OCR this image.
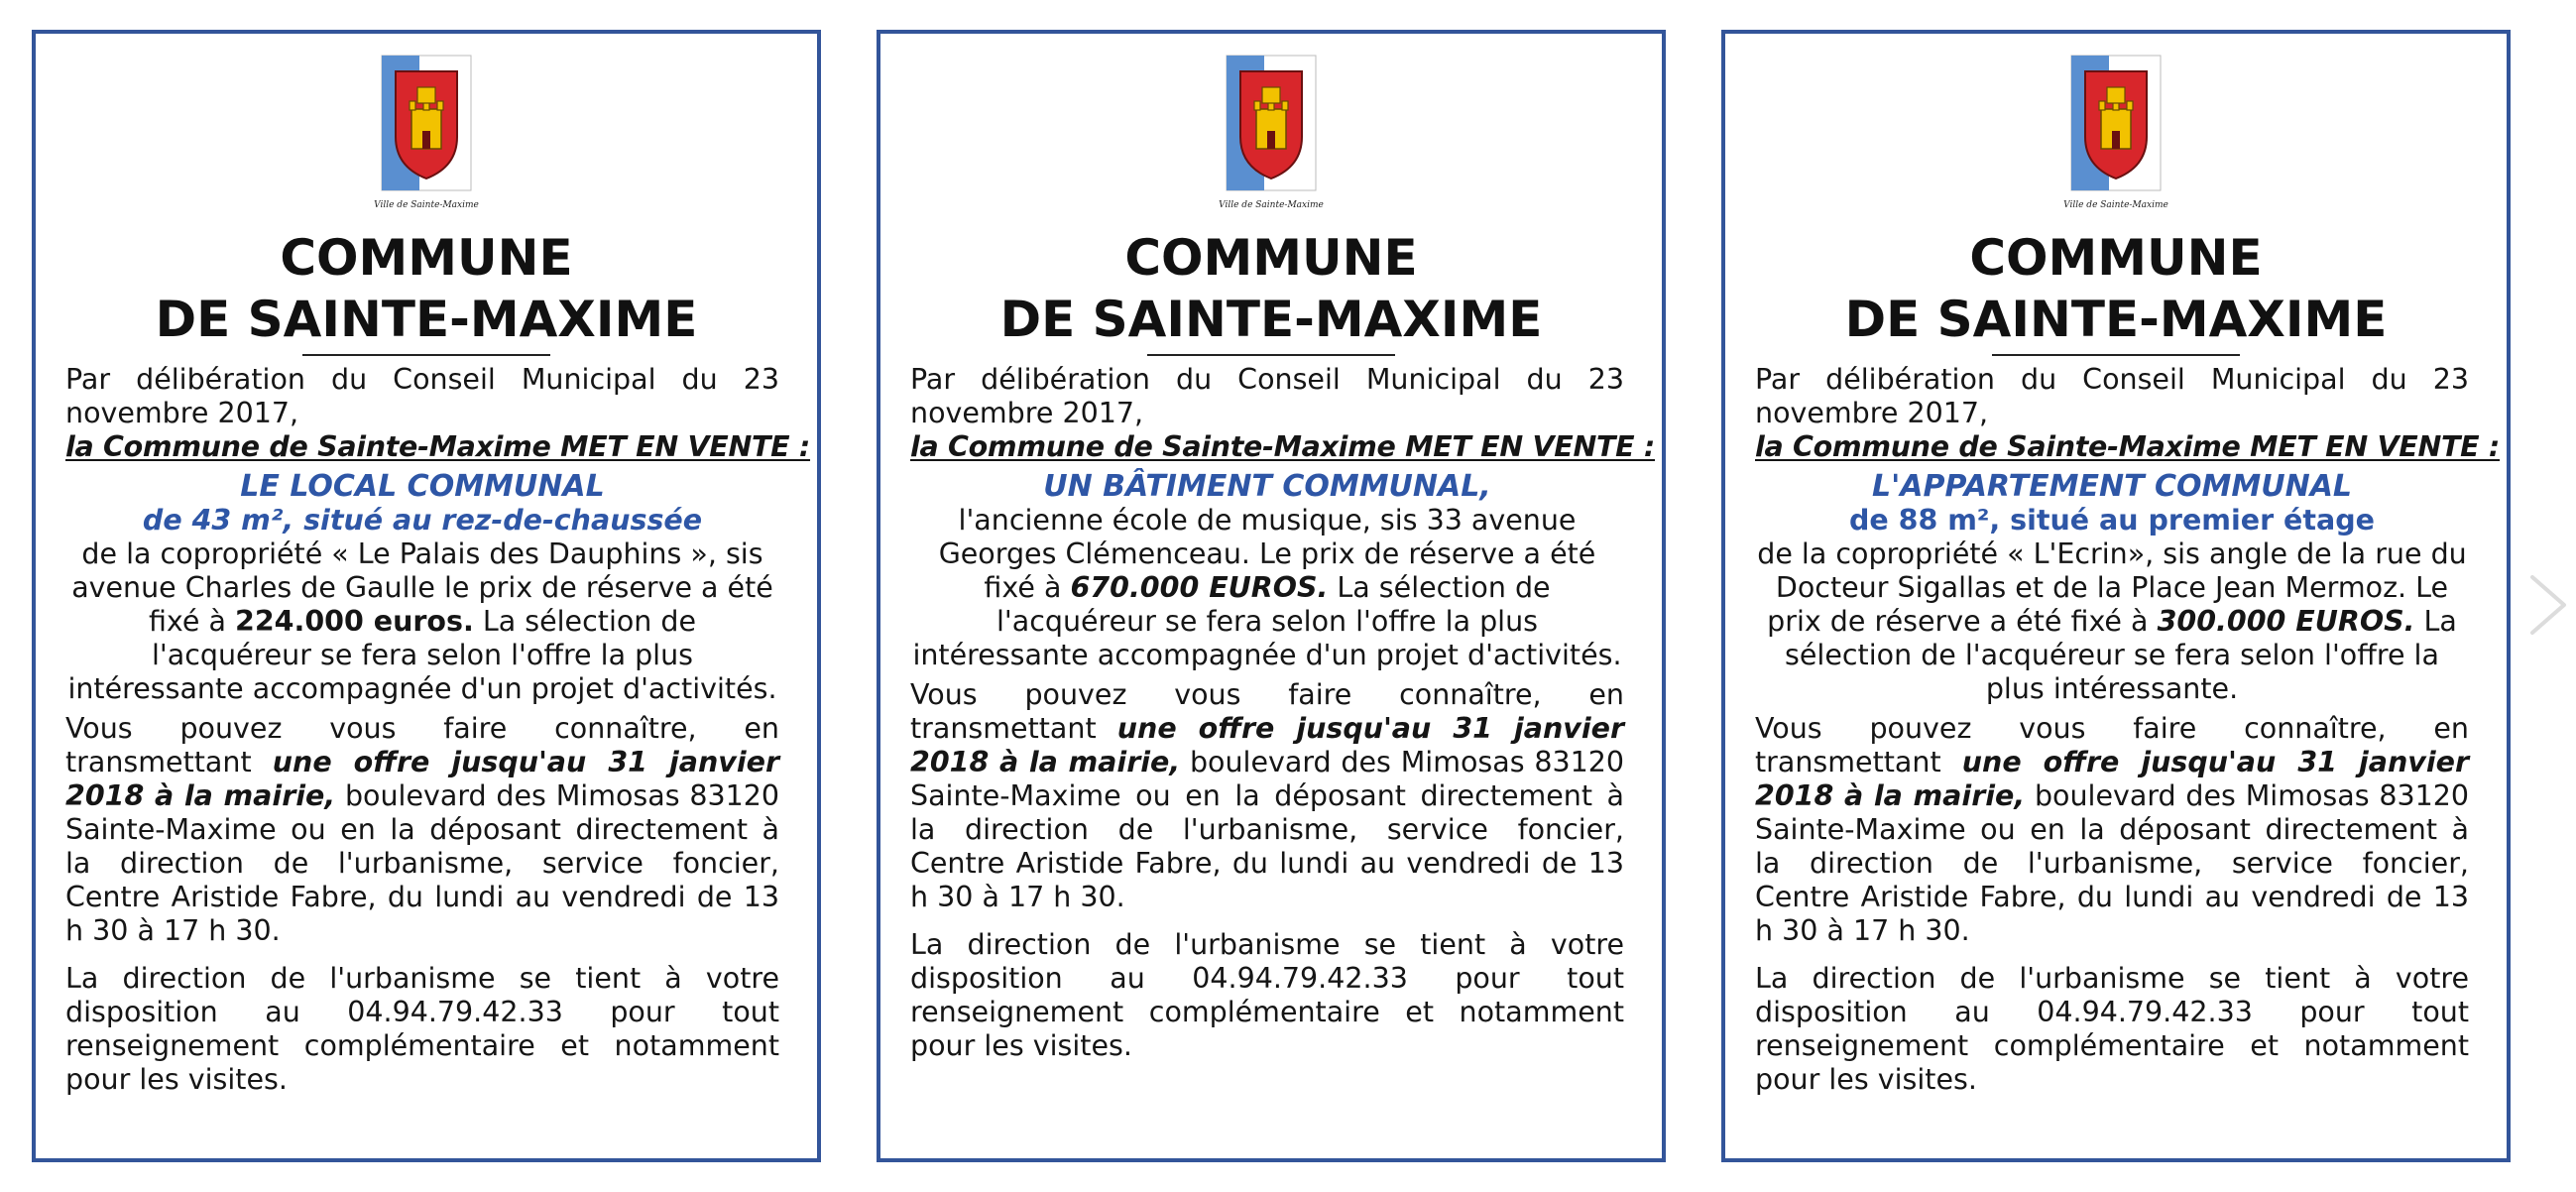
Ville de Sainte-Maxime
COMMUNE
DE SAINTE-MAXIME

Par délibération du Conseil Municipal du 23 novembre 2017,

la Commune de Sainte-Maxime MET EN VENTE :

LE LOCAL COMMUNAL

de 43 m², situé au rez-de-chaussée

de la copropriété « Le Palais des Dauphins », sis avenue Charles de Gaulle le prix de réserve a été fixé à 224.000 euros. La sélection de l'acquéreur se fera selon l'offre la plus intéressante accompagnée d'un projet d'activités.

Vous pouvez vous faire connaître, en transmettant une offre jusqu'au 31 janvier 2018 à la mairie, boulevard des Mimosas 83120 Sainte-Maxime ou en la déposant directement à la direction de l'urbanisme, service foncier, Centre Aristide Fabre, du lundi au vendredi de 13 h 30 à 17 h 30.

La direction de l'urbanisme se tient à votre disposition au 04.94.79.42.33 pour tout renseignement complémentaire et notamment pour les visites.

Ville de Sainte-Maxime
COMMUNE
DE SAINTE-MAXIME

Par délibération du Conseil Municipal du 23 novembre 2017,

la Commune de Sainte-Maxime MET EN VENTE :

UN BÂTIMENT COMMUNAL,

l'ancienne école de musique, sis 33 avenue Georges Clémenceau. Le prix de réserve a été fixé à 670.000 EUROS. La sélection de l'acquéreur se fera selon l'offre la plus intéressante accompagnée d'un projet d'activités.

Vous pouvez vous faire connaître, en transmettant une offre jusqu'au 31 janvier 2018 à la mairie, boulevard des Mimosas 83120 Sainte-Maxime ou en la déposant directement à la direction de l'urbanisme, service foncier, Centre Aristide Fabre, du lundi au vendredi de 13 h 30 à 17 h 30.

La direction de l'urbanisme se tient à votre disposition au 04.94.79.42.33 pour tout renseignement complémentaire et notamment pour les visites.

Ville de Sainte-Maxime
COMMUNE
DE SAINTE-MAXIME

Par délibération du Conseil Municipal du 23 novembre 2017,

la Commune de Sainte-Maxime MET EN VENTE :

L'APPARTEMENT COMMUNAL

de 88 m², situé au premier étage

de la copropriété « L'Ecrin», sis angle de la rue du Docteur Sigallas et de la Place Jean Mermoz. Le prix de réserve a été fixé à 300.000 EUROS. La sélection de l'acquéreur se fera selon l'offre la plus intéressante.

Vous pouvez vous faire connaître, en transmettant une offre jusqu'au 31 janvier 2018 à la mairie, boulevard des Mimosas 83120 Sainte-Maxime ou en la déposant directement à la direction de l'urbanisme, service foncier, Centre Aristide Fabre, du lundi au vendredi de 13 h 30 à 17 h 30.

La direction de l'urbanisme se tient à votre disposition au 04.94.79.42.33 pour tout renseignement complémentaire et notamment pour les visites.
